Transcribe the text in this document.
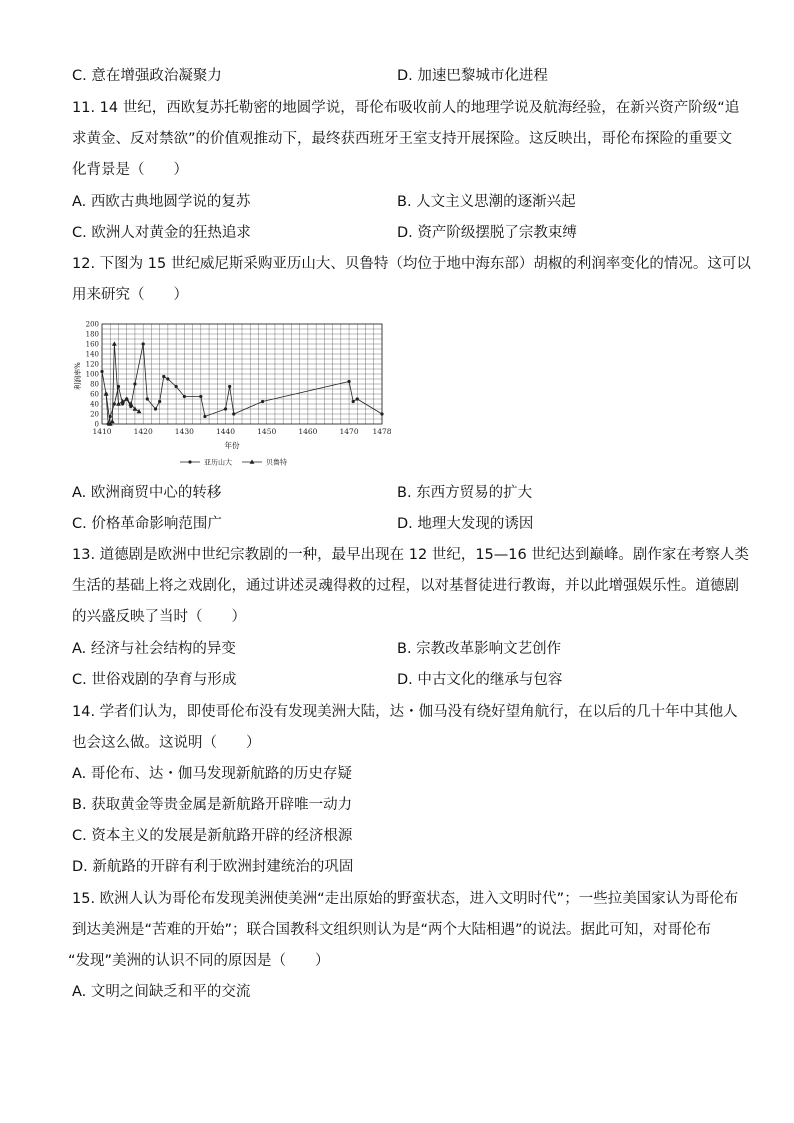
C. 意在增强政治凝聚力	D. 加速巴黎城市化进程
11. 14 世纪，西欧复苏托勒密的地圆学说，哥伦布吸收前人的地理学说及航海经验，在新兴资产阶级“追
求黄金、反对禁欲”的价值观推动下，最终获西班牙王室支持开展探险。这反映出，哥伦布探险的重要文
化背景是（　　）
A. 西欧古典地圆学说的复苏	B. 人文主义思潮的逐渐兴起
C. 欧洲人对黄金的狂热追求	D. 资产阶级摆脱了宗教束缚
12. 下图为 15 世纪威尼斯采购亚历山大、贝鲁特（均位于地中海东部）胡椒的利润率变化的情况。这可以
用来研究（　　）
0
20
40
60
80
100
120
140
160
180
200
1410	1420	1430	1440	1450	1460	1470 1478
利润率%
年份
亚历山大	贝鲁特
A. 欧洲商贸中心的转移	B. 东西方贸易的扩大
C. 价格革命影响范围广	D. 地理大发现的诱因
13. 道德剧是欧洲中世纪宗教剧的一种，最早出现在 12 世纪，15—16 世纪达到巅峰。剧作家在考察人类
生活的基础上将之戏剧化，通过讲述灵魂得救的过程，以对基督徒进行教诲，并以此增强娱乐性。道德剧
的兴盛反映了当时（　　）
A. 经济与社会结构的异变	B. 宗教改革影响文艺创作
C. 世俗戏剧的孕育与形成	D. 中古文化的继承与包容
14. 学者们认为，即使哥伦布没有发现美洲大陆，达・伽马没有绕好望角航行，在以后的几十年中其他人
也会这么做。这说明（　　）
A. 哥伦布、达・伽马发现新航路的历史存疑
B. 获取黄金等贵金属是新航路开辟唯一动力
C. 资本主义的发展是新航路开辟的经济根源
D. 新航路的开辟有利于欧洲封建统治的巩固
15. 欧洲人认为哥伦布发现美洲使美洲“走出原始的野蛮状态，进入文明时代”；一些拉美国家认为哥伦布
到达美洲是“苦难的开始”；联合国教科文组织则认为是“两个大陆相遇”的说法。据此可知，对哥伦布
“发现”美洲的认识不同的原因是（　　）
A. 文明之间缺乏和平的交流
